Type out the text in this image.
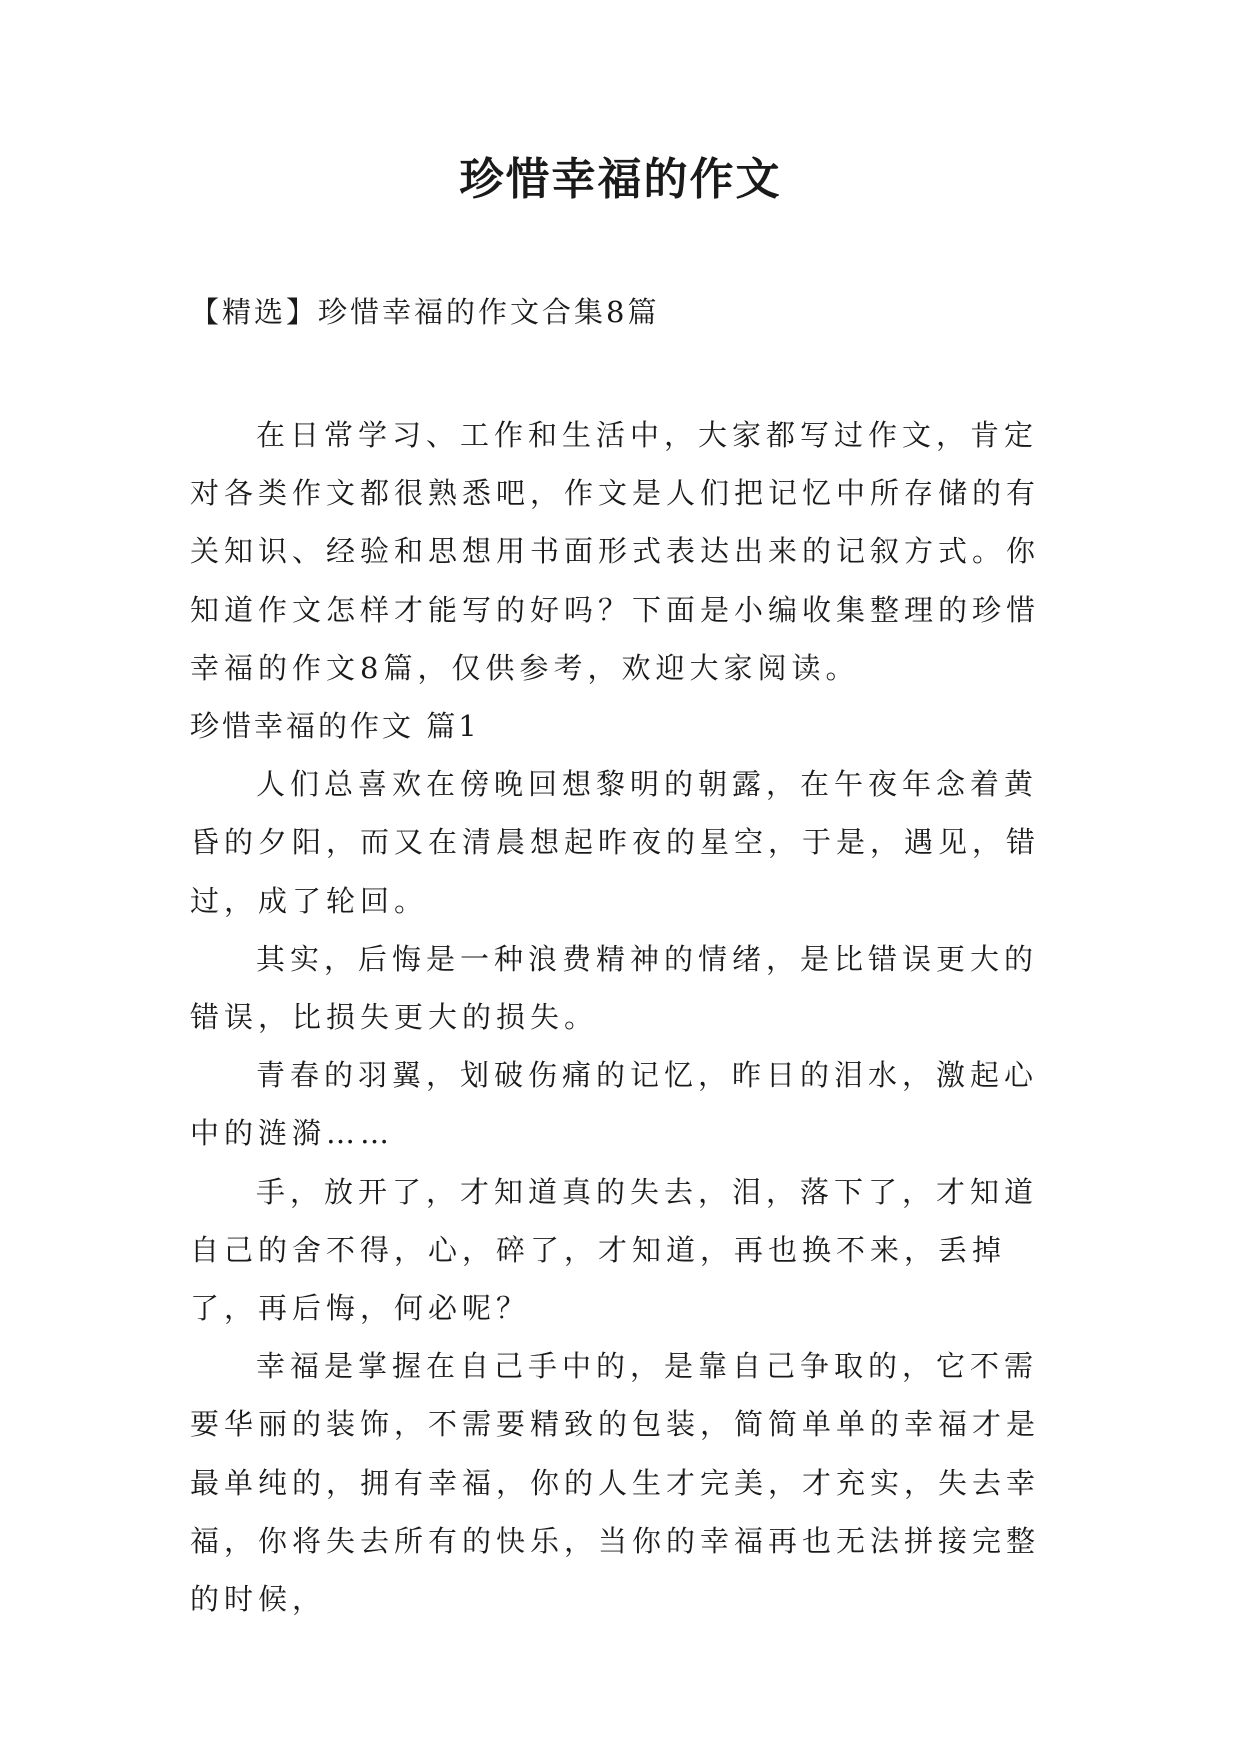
珍惜幸福的作文
【精选】珍惜幸福的作文合集8篇

在日常学习、工作和生活中，大家都写过作文，肯定对各类作文都很熟悉吧，作文是人们把记忆中所存储的有关知识、经验和思想用书面形式表达出来的记叙方式。你知道作文怎样才能写的好吗？下面是小编收集整理的珍惜幸福的作文8篇，仅供参考，欢迎大家阅读。

珍惜幸福的作文 篇1

人们总喜欢在傍晚回想黎明的朝露，在午夜年念着黄昏的夕阳，而又在清晨想起昨夜的星空，于是，遇见，错过，成了轮回。

其实，后悔是一种浪费精神的情绪，是比错误更大的错误，比损失更大的损失。

青春的羽翼，划破伤痛的记忆，昨日的泪水，激起心中的涟漪……

手，放开了，才知道真的失去，泪，落下了，才知道自己的舍不得，心，碎了，才知道，再也换不来，丢掉了，再后悔，何必呢？

幸福是掌握在自己手中的，是靠自己争取的，它不需要华丽的装饰，不需要精致的包装，简简单单的幸福才是最单纯的，拥有幸福，你的人生才完美，才充实，失去幸福，你将失去所有的快乐，当你的幸福再也无法拼接完整的时候，
